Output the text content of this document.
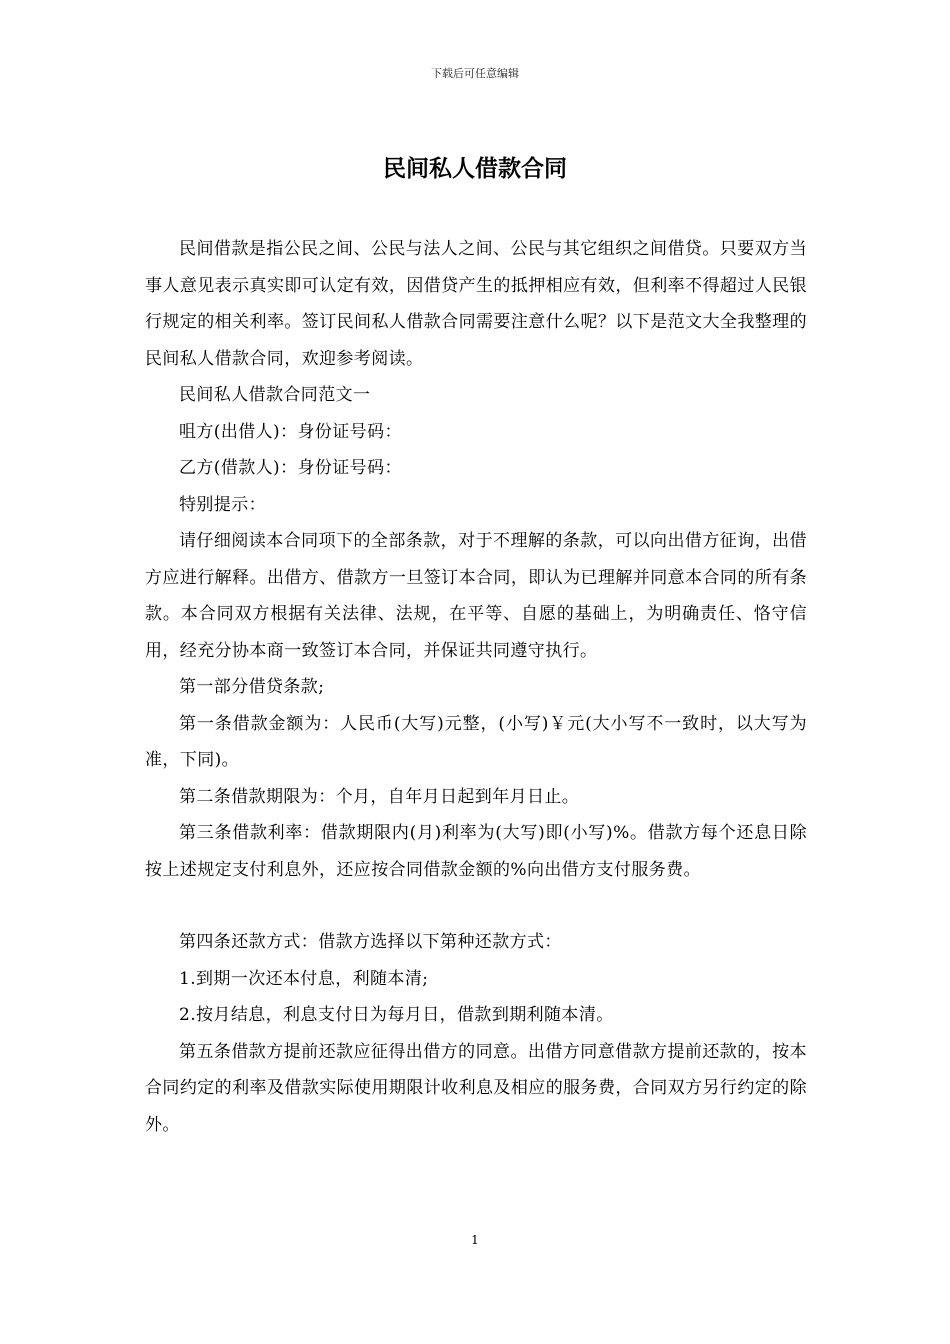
下载后可任意编辑
民间私人借款合同

民间借款是指公民之间、公民与法人之间、公民与其它组织之间借贷。只要双方当事人意见表示真实即可认定有效，因借贷产生的抵押相应有效，但利率不得超过人民银行规定的相关利率。签订民间私人借款合同需要注意什么呢？以下是范文大全我整理的民间私人借款合同，欢迎参考阅读。

民间私人借款合同范文一

咀方(出借人)：身份证号码：

乙方(借款人)：身份证号码：

特别提示：

请仔细阅读本合同项下的全部条款，对于不理解的条款，可以向出借方征询，出借方应进行解释。出借方、借款方一旦签订本合同，即认为已理解并同意本合同的所有条款。本合同双方根据有关法律、法规，在平等、自愿的基础上，为明确责任、恪守信用，经充分协本商一致签订本合同，并保证共同遵守执行。

第一部分借贷条款;

第一条借款金额为：人民币(大写)元整，(小写)￥元(大小写不一致时，以大写为准，下同)。

第二条借款期限为：个月，自年月日起到年月日止。

第三条借款利率：借款期限内(月)利率为(大写)即(小写)%。借款方每个还息日除按上述规定支付利息外，还应按合同借款金额的%向出借方支付服务费。

第四条还款方式：借款方选择以下第种还款方式：

1.到期一次还本付息，利随本清;

2.按月结息，利息支付日为每月日，借款到期利随本清。

第五条借款方提前还款应征得出借方的同意。出借方同意借款方提前还款的，按本合同约定的利率及借款实际使用期限计收利息及相应的服务费，合同双方另行约定的除外。

1
